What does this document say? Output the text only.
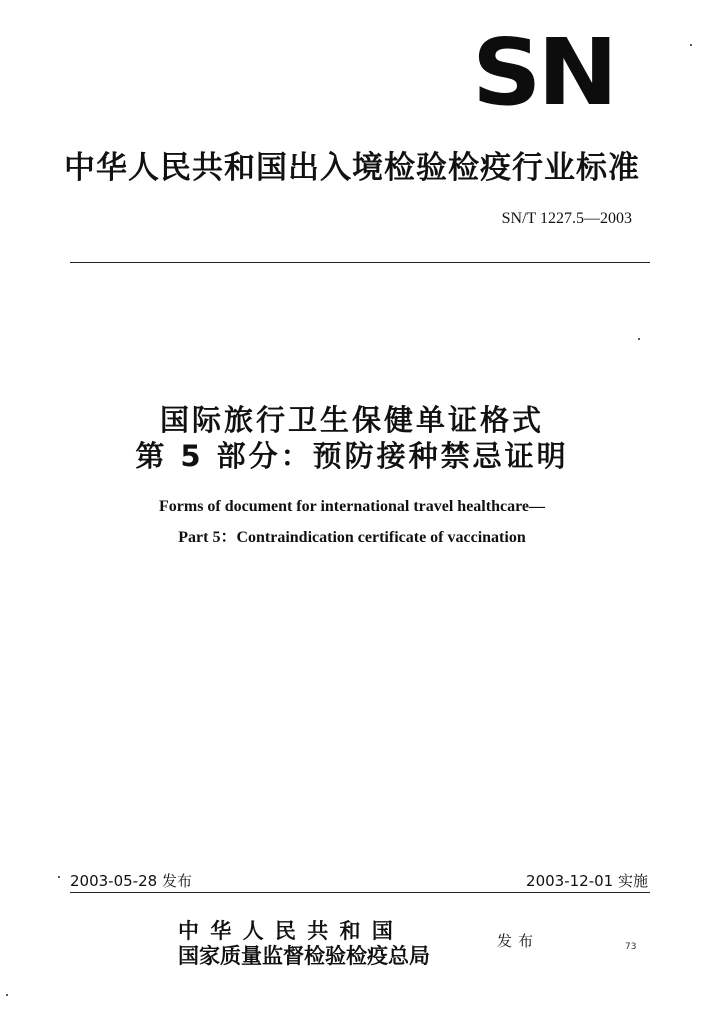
SN
中华人民共和国出入境检验检疫行业标准
SN/T 1227.5—2003
国际旅行卫生保健单证格式
第 5 部分：预防接种禁忌证明
Forms of document for international travel healthcare—
Part 5：Contraindication certificate of vaccination
2003-05-28 发布	2003-12-01 实施
中 华 人 民 共 和 国
国家质量监督检验检疫总局
发布	73
